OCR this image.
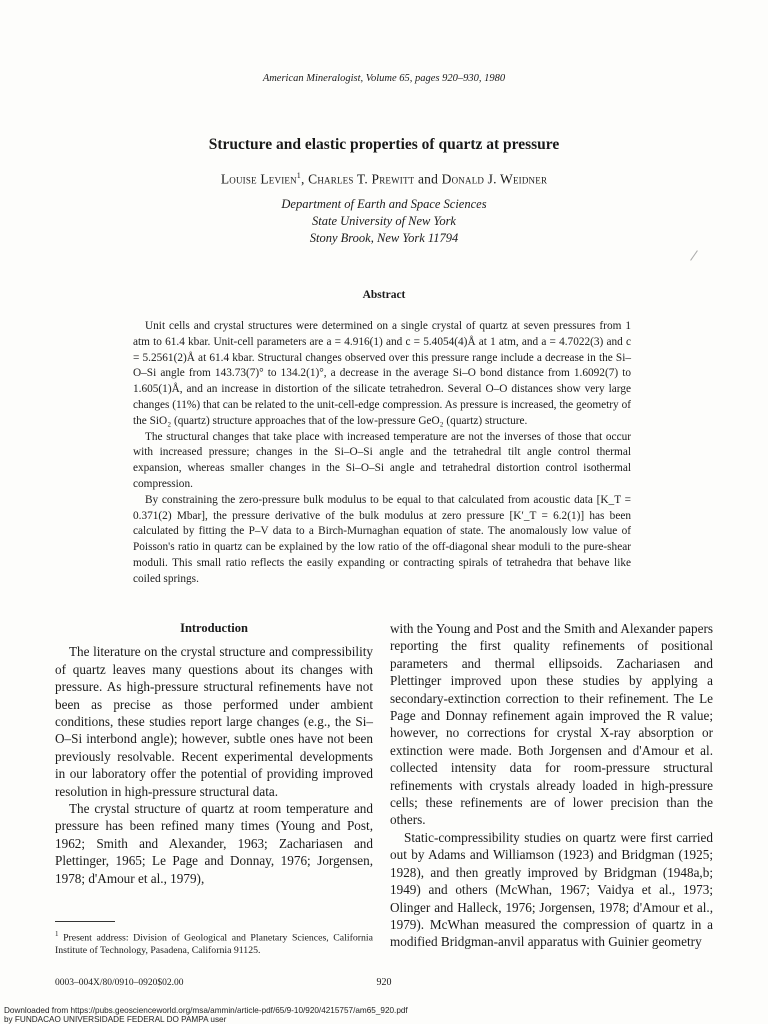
American Mineralogist, Volume 65, pages 920–930, 1980
Structure and elastic properties of quartz at pressure
Louise Levien$^1$, Charles T. Prewitt and Donald J. Weidner
Department of Earth and Space Sciences
State University of New York
Stony Brook, New York 11794
Abstract

Unit cells and crystal structures were determined on a single crystal of quartz at seven pressures from 1 atm to 61.4 kbar. Unit-cell parameters are a = 4.916(1) and c = 5.4054(4)Å at 1 atm, and a = 4.7022(3) and c = 5.2561(2)Å at 61.4 kbar. Structural changes observed over this pressure range include a decrease in the Si–O–Si angle from 143.73(7)° to 134.2(1)°, a decrease in the average Si–O bond distance from 1.6092(7) to 1.605(1)Å, and an increase in distortion of the silicate tetrahedron. Several O–O distances show very large changes (11%) that can be related to the unit-cell-edge compression. As pressure is increased, the geometry of the SiO₂ (quartz) structure approaches that of the low-pressure GeO₂ (quartz) structure.

The structural changes that take place with increased temperature are not the inverses of those that occur with increased pressure; changes in the Si–O–Si angle and the tetrahedral tilt angle control thermal expansion, whereas smaller changes in the Si–O–Si angle and tetrahedral distortion control isothermal compression.

By constraining the zero-pressure bulk modulus to be equal to that calculated from acoustic data [K_T = 0.371(2) Mbar], the pressure derivative of the bulk modulus at zero pressure [K′_T = 6.2(1)] has been calculated by fitting the P–V data to a Birch-Murnaghan equation of state. The anomalously low value of Poisson's ratio in quartz can be explained by the low ratio of the off-diagonal shear moduli to the pure-shear moduli. This small ratio reflects the easily expanding or contracting spirals of tetrahedra that behave like coiled springs.

Introduction

The literature on the crystal structure and compressibility of quartz leaves many questions about its changes with pressure. As high-pressure structural refinements have not been as precise as those performed under ambient conditions, these studies report large changes (e.g., the Si–O–Si interbond angle); however, subtle ones have not been previously resolvable. Recent experimental developments in our laboratory offer the potential of providing improved resolution in high-pressure structural data.

The crystal structure of quartz at room temperature and pressure has been refined many times (Young and Post, 1962; Smith and Alexander, 1963; Zachariasen and Plettinger, 1965; Le Page and Donnay, 1976; Jorgensen, 1978; d'Amour et al., 1979),

with the Young and Post and the Smith and Alexander papers reporting the first quality refinements of positional parameters and thermal ellipsoids. Zachariasen and Plettinger improved upon these studies by applying a secondary-extinction correction to their refinement. The Le Page and Donnay refinement again improved the R value; however, no corrections for crystal X-ray absorption or extinction were made. Both Jorgensen and d'Amour et al. collected intensity data for room-pressure structural refinements with crystals already loaded in high-pressure cells; these refinements are of lower precision than the others.

Static-compressibility studies on quartz were first carried out by Adams and Williamson (1923) and Bridgman (1925; 1928), and then greatly improved by Bridgman (1948a,b; 1949) and others (McWhan, 1967; Vaidya et al., 1973; Olinger and Halleck, 1976; Jorgensen, 1978; d'Amour et al., 1979). McWhan measured the compression of quartz in a modified Bridgman-anvil apparatus with Guinier geometry

$^1$ Present address: Division of Geological and Planetary Sciences, California Institute of Technology, Pasadena, California 91125.
0003–004X/80/0910–0920$02.00	920
Downloaded from https://pubs.geoscienceworld.org/msa/ammin/article-pdf/65/9-10/920/4215757/am65_920.pdf
by FUNDACAO UNIVERSIDADE FEDERAL DO PAMPA user
